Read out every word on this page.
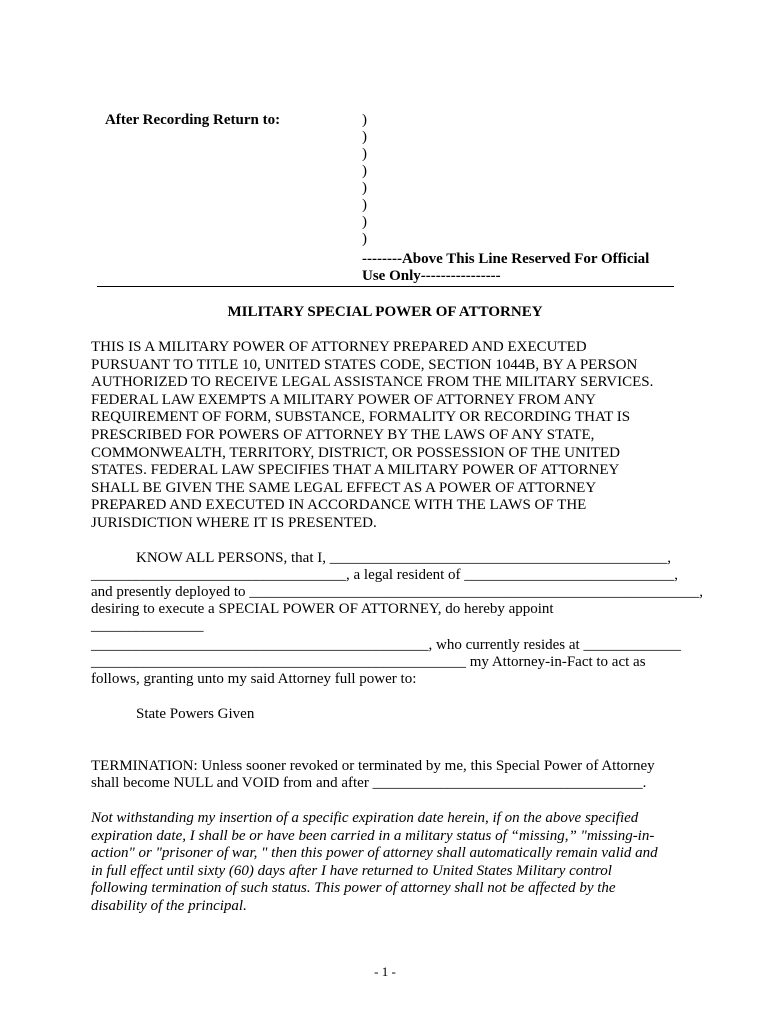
After Recording Return to:	)
)
)
)
)
)
)
)
--------Above This Line Reserved For Official
Use Only----------------
MILITARY SPECIAL POWER OF ATTORNEY
THIS IS A MILITARY POWER OF ATTORNEY PREPARED AND EXECUTED
PURSUANT TO TITLE 10, UNITED STATES CODE, SECTION 1044B, BY A PERSON
AUTHORIZED TO RECEIVE LEGAL ASSISTANCE FROM THE MILITARY SERVICES.
FEDERAL LAW EXEMPTS A MILITARY POWER OF ATTORNEY FROM ANY
REQUIREMENT OF FORM, SUBSTANCE, FORMALITY OR RECORDING THAT IS
PRESCRIBED FOR POWERS OF ATTORNEY BY THE LAWS OF ANY STATE,
COMMONWEALTH, TERRITORY, DISTRICT, OR POSSESSION OF THE UNITED
STATES. FEDERAL LAW SPECIFIES THAT A MILITARY POWER OF ATTORNEY
SHALL BE GIVEN THE SAME LEGAL EFFECT AS A POWER OF ATTORNEY
PREPARED AND EXECUTED IN ACCORDANCE WITH THE LAWS OF THE
JURISDICTION WHERE IT IS PRESENTED.
KNOW ALL PERSONS, that I, _____________________________________________,
__________________________________, a legal resident of ____________________________,
and presently deployed to ____________________________________________________________,
desiring to execute a SPECIAL POWER OF ATTORNEY, do hereby appoint
_______________
_____________________________________________, who currently resides at _____________
__________________________________________________ my Attorney-in-Fact to act as
follows, granting unto my said Attorney full power to:
State Powers Given
TERMINATION: Unless sooner revoked or terminated by me, this Special Power of Attorney
shall become NULL and VOID from and after ____________________________________.
Not withstanding my insertion of a specific expiration date herein, if on the above specified
expiration date, I shall be or have been carried in a military status of “missing,” "missing-in-
action" or "prisoner of war, " then this power of attorney shall automatically remain valid and
in full effect until sixty (60) days after I have returned to United States Military control
following termination of such status. This power of attorney shall not be affected by the
disability of the principal.
- 1 -
